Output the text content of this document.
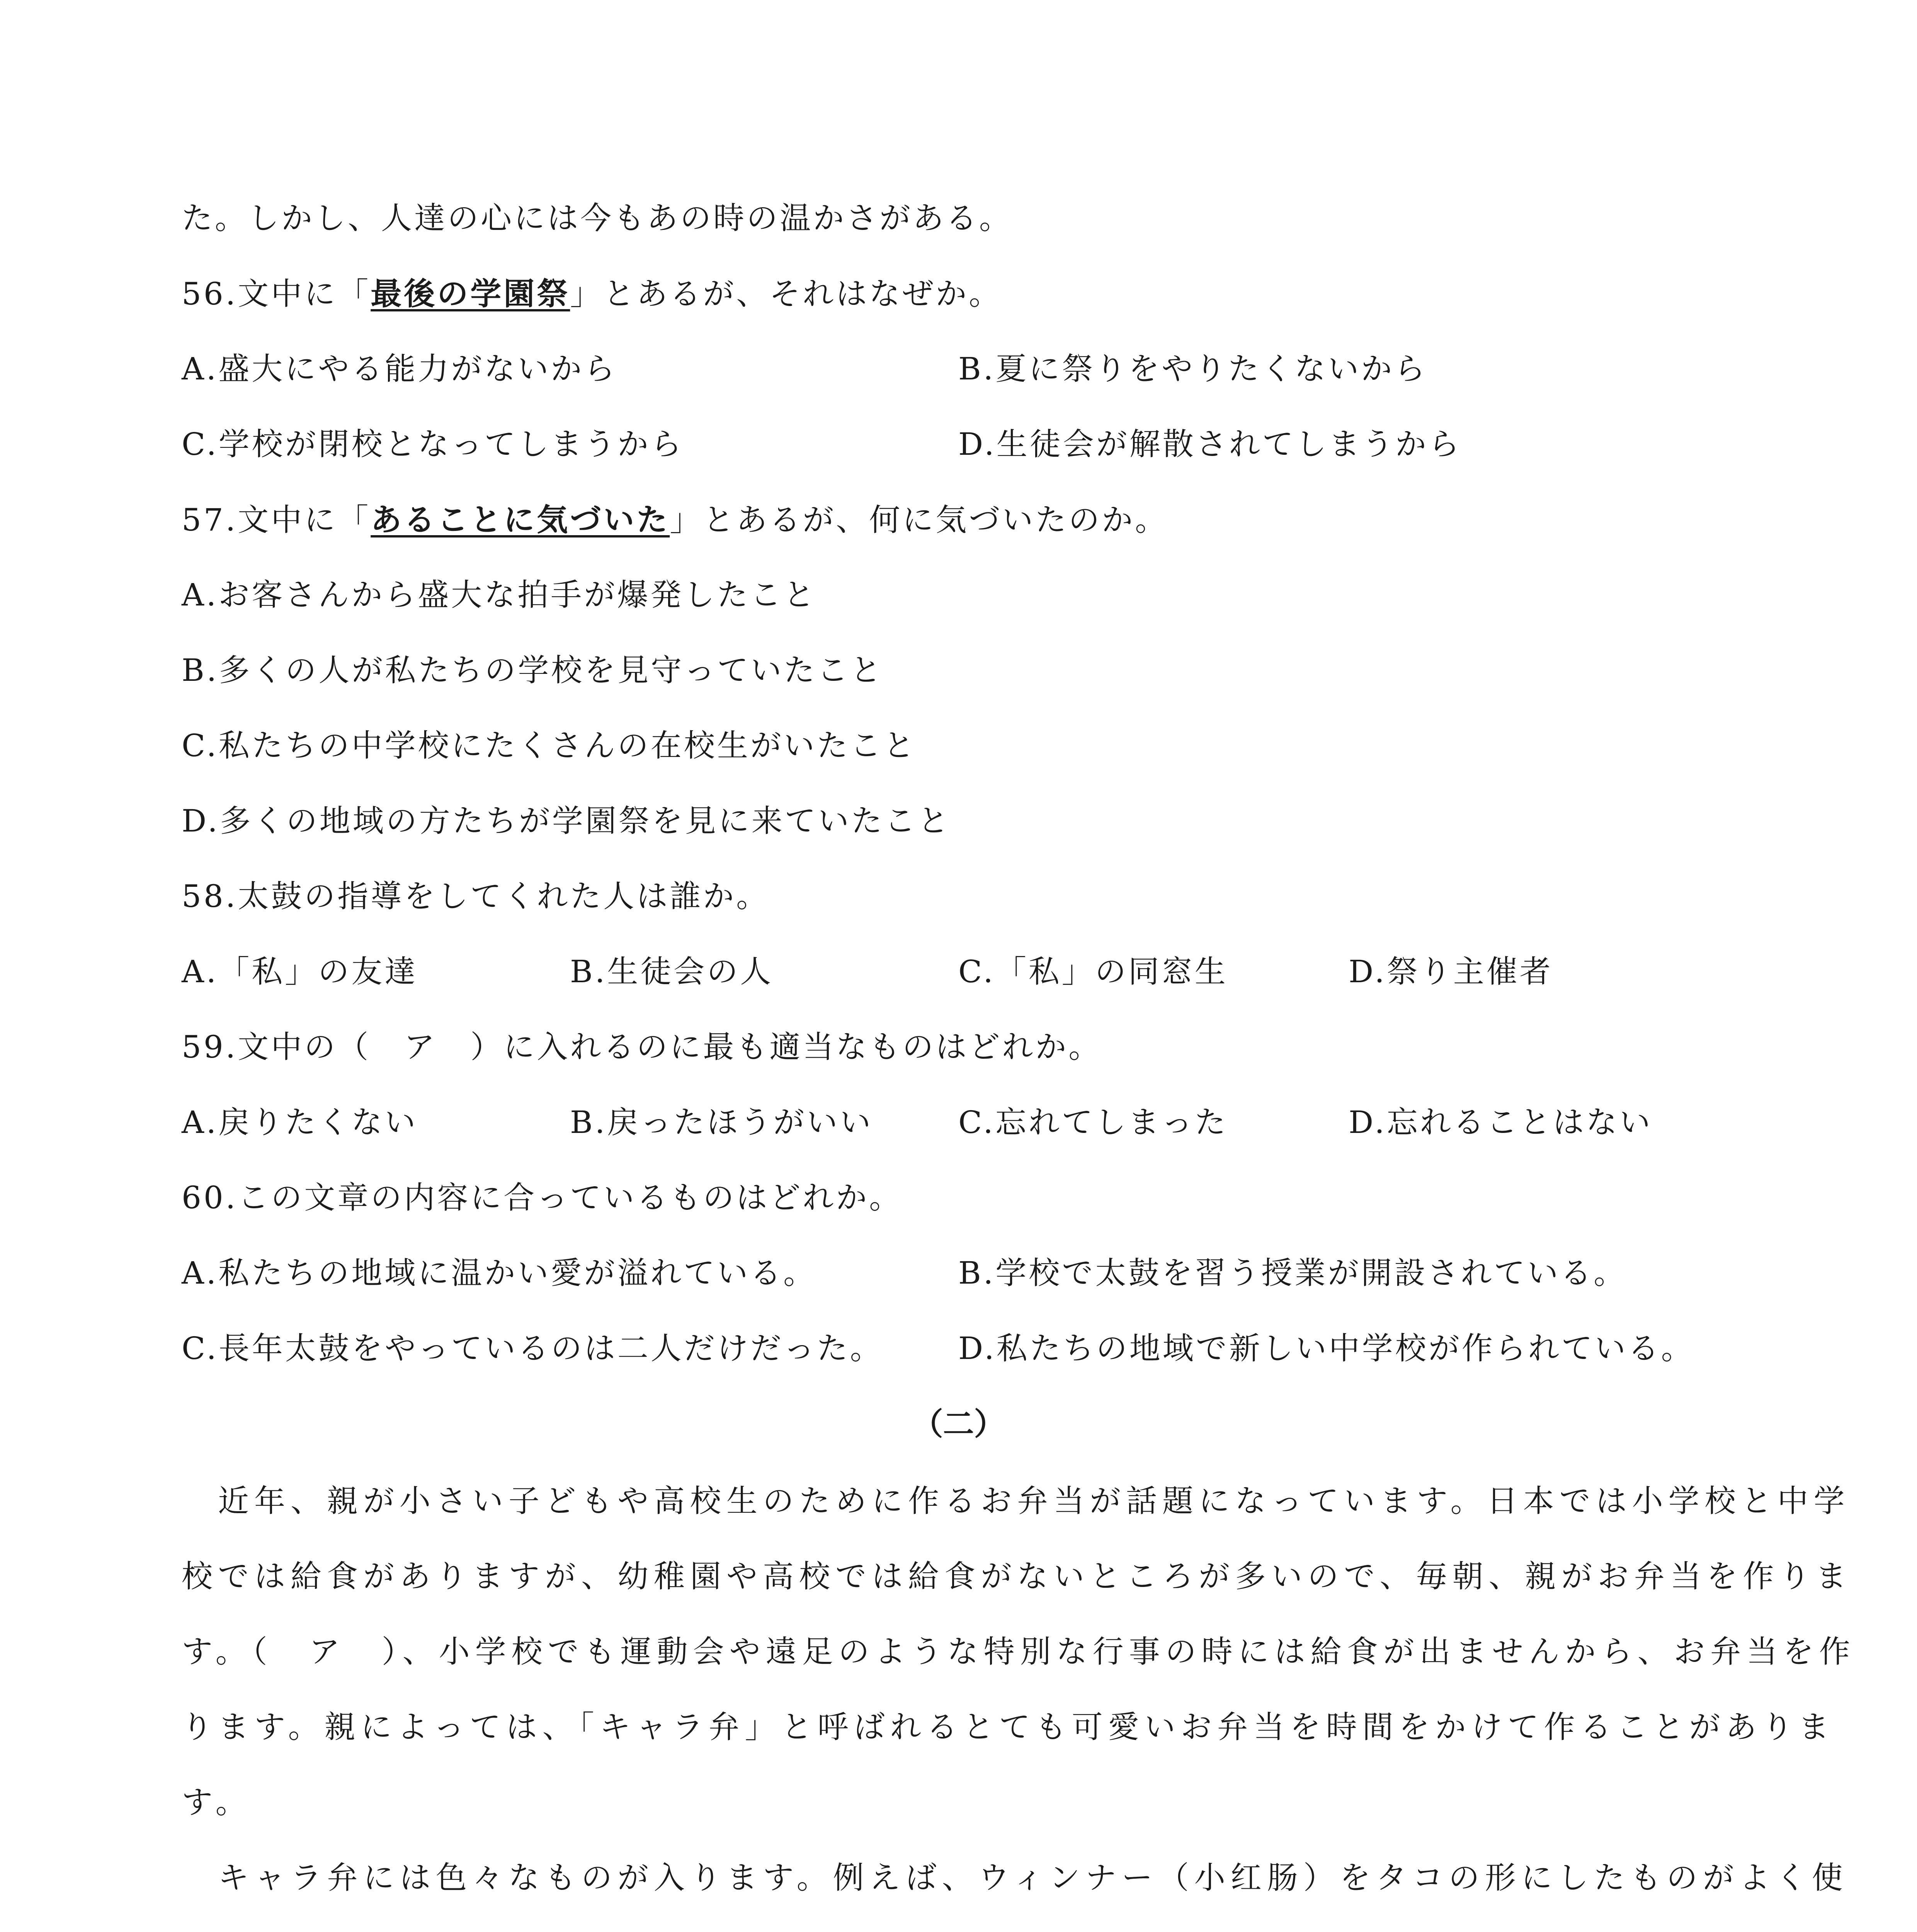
た。しかし、人達の心には今もあの時の温かさがある。
56.文中に「最後の学園祭」とあるが、それはなぜか。
A.盛大にやる能力がないから	B.夏に祭りをやりたくないから
C.学校が閉校となってしまうから	D.生徒会が解散されてしまうから
57.文中に「あることに気づいた」とあるが、何に気づいたのか。
A.お客さんから盛大な拍手が爆発したこと
B.多くの人が私たちの学校を見守っていたこと
C.私たちの中学校にたくさんの在校生がいたこと
D.多くの地域の方たちが学園祭を見に来ていたこと
58.太鼓の指導をしてくれた人は誰か。
A.「私」の友達	B.生徒会の人	C.「私」の同窓生	D.祭り主催者
59.文中の（　ア　）に入れるのに最も適当なものはどれか。
A.戻りたくない	B.戻ったほうがいい	C.忘れてしまった	D.忘れることはない
60.この文章の内容に合っているものはどれか。
A.私たちの地域に温かい愛が溢れている。	B.学校で太鼓を習う授業が開設されている。
C.長年太鼓をやっているのは二人だけだった。 D.私たちの地域で新しい中学校が作られている。
（二）
　近年、親が小さい子どもや高校生のために作るお弁当が話題になっています。日本では小学校と中学
校では給食がありますが、幼稚園や高校では給食がないところが多いので、毎朝、親がお弁当を作りま
す。（　ア　）、小学校でも運動会や遠足のような特別な行事の時には給食が出ませんから、お弁当を作
ります。親によっては、「キャラ弁」と呼ばれるとても可愛いお弁当を時間をかけて作ることがありま
す。
　キャラ弁には色々なものが入ります。例えば、ウィンナー（小红肠）をタコの形にしたものがよく使
